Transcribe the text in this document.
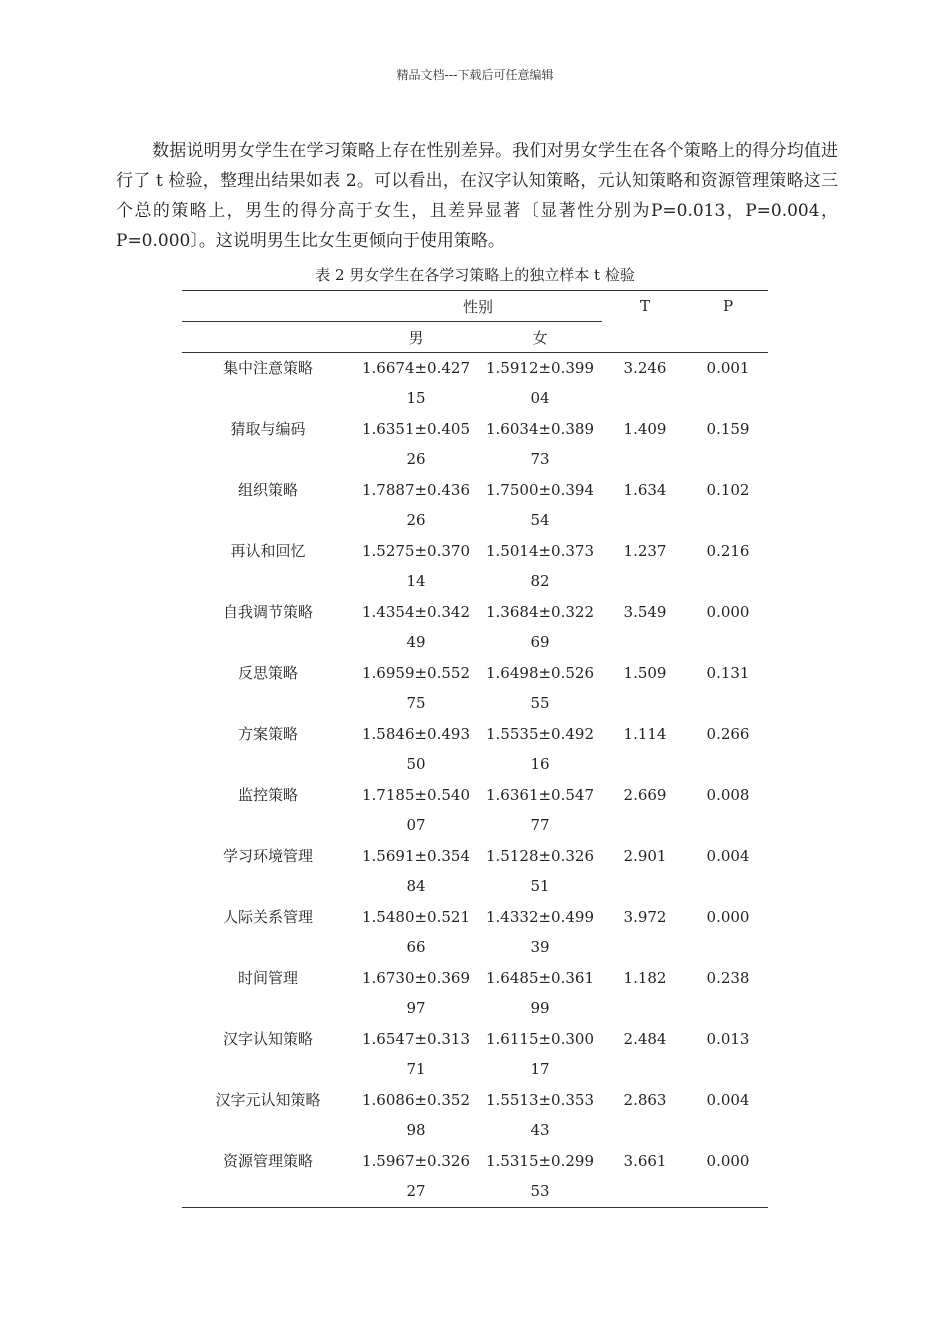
精品文档---下载后可任意编辑

数据说明男女学生在学习策略上存在性别差异。我们对男女学生在各个策略上的得分均值进行了 t 检验，整理出结果如表 2。可以看出，在汉字认知策略，元认知策略和资源管理策略这三个总的策略上，男生的得分高于女生，且差异显著〔显著性分别为P=0.013，P=0.004，P=0.000〕。这说明男生比女生更倾向于使用策略。

表 2 男女学生在各学习策略上的独立样本 t 检验
	性别		T	P
	男	女		

集中注意策略	1.6674±0.42715	1.5912±0.39904	3.246	0.001
猜取与编码	1.6351±0.40526	1.6034±0.38973	1.409	0.159
组织策略	1.7887±0.43626	1.7500±0.39454	1.634	0.102
再认和回忆	1.5275±0.37014	1.5014±0.37382	1.237	0.216
自我调节策略	1.4354±0.34249	1.3684±0.32269	3.549	0.000
反思策略	1.6959±0.55275	1.6498±0.52655	1.509	0.131
方案策略	1.5846±0.49350	1.5535±0.49216	1.114	0.266
监控策略	1.7185±0.54007	1.6361±0.54777	2.669	0.008
学习环境管理	1.5691±0.35484	1.5128±0.32651	2.901	0.004
人际关系管理	1.5480±0.52166	1.4332±0.49939	3.972	0.000
时间管理	1.6730±0.36997	1.6485±0.36199	1.182	0.238
汉字认知策略	1.6547±0.31371	1.6115±0.30017	2.484	0.013
汉字元认知策略	1.6086±0.35298	1.5513±0.35343	2.863	0.004
资源管理策略	1.5967±0.32627	1.5315±0.29953	3.661	0.000
